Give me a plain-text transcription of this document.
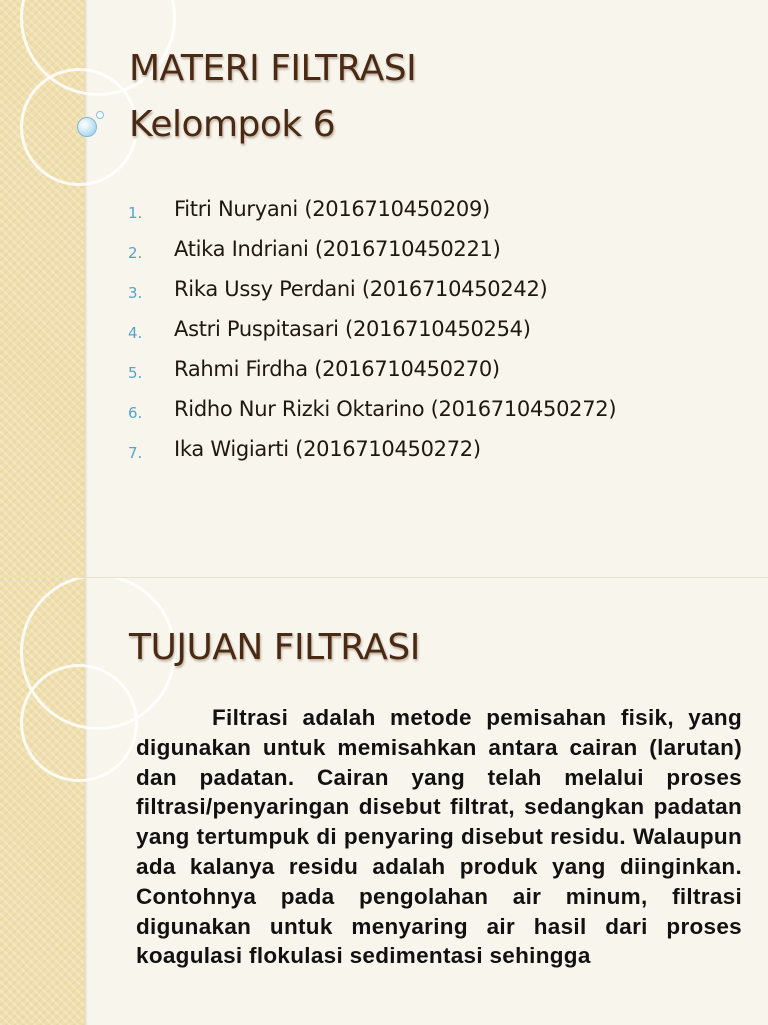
MATERI FILTRASI
Kelompok 6
1.	Fitri Nuryani (2016710450209)
2.	Atika Indriani (2016710450221)
3.	Rika Ussy Perdani (2016710450242)
4.	Astri Puspitasari (2016710450254)
5.	Rahmi Firdha (2016710450270)
6.	Ridho Nur Rizki Oktarino (2016710450272)
7.	Ika Wigiarti (2016710450272)
TUJUAN FILTRASI

Filtrasi adalah metode pemisahan fisik, yang digunakan untuk memisahkan antara cairan (larutan) dan padatan. Cairan yang telah melalui proses filtrasi/penyaringan disebut filtrat, sedangkan padatan yang tertumpuk di penyaring disebut residu. Walaupun ada kalanya residu adalah produk yang diinginkan. Contohnya pada pengolahan air minum, filtrasi digunakan untuk menyaring air hasil dari proses koagulasi flokulasi sedimentasi sehingga
